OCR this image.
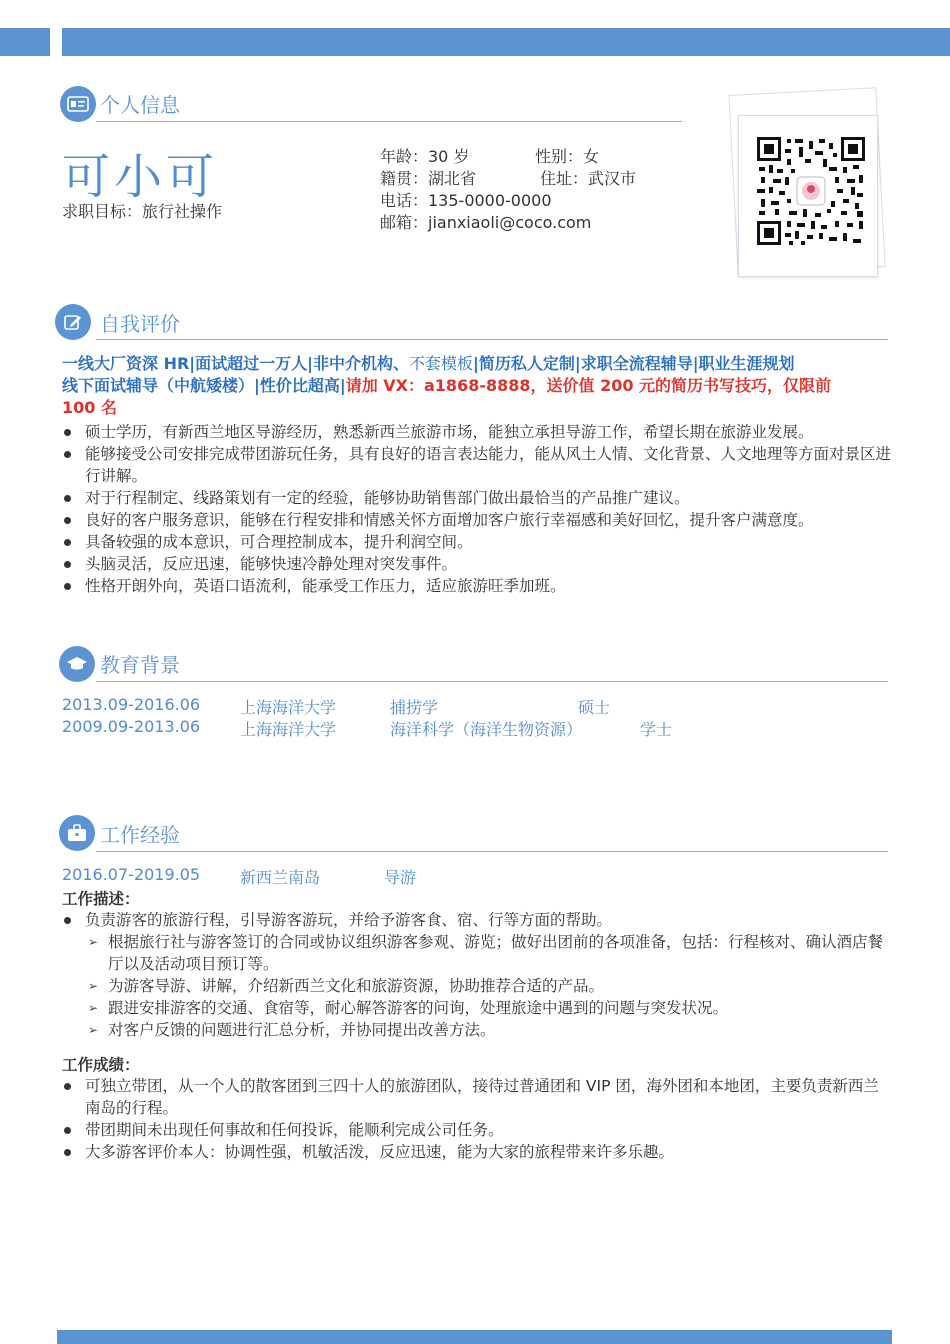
个人信息
可小可
求职目标：旅行社操作
年龄：30 岁	性别：女
籍贯：湖北省	住址：武汉市
电话：135-0000-0000
邮箱：jianxiaoli@coco.com
自我评价
一线大厂资深 HR|面试超过一万人|非中介机构、不套模板|简历私人定制|求职全流程辅导|职业生涯规划
线下面试辅导（中航矮楼）|性价比超高|请加 VX：a1868-8888，送价值 200 元的简历书写技巧，仅限前
100 名
硕士学历，有新西兰地区导游经历，熟悉新西兰旅游市场，能独立承担导游工作，希望长期在旅游业发展。
能够接受公司安排完成带团游玩任务，具有良好的语言表达能力，能从风土人情、文化背景、人文地理等方面对景区进行讲解。
对于行程制定、线路策划有一定的经验，能够协助销售部门做出最恰当的产品推广建议。
良好的客户服务意识，能够在行程安排和情感关怀方面增加客户旅行幸福感和美好回忆，提升客户满意度。
具备较强的成本意识，可合理控制成本，提升利润空间。
头脑灵活，反应迅速，能够快速冷静处理对突发事件。
性格开朗外向，英语口语流利，能承受工作压力，适应旅游旺季加班。
教育背景
2013.09-2016.06 上海海洋大学	捕捞学	硕士
2009.09-2013.06 上海海洋大学	海洋科学（海洋生物资源）	学士
工作经验
2016.07-2019.05 新西兰南岛	导游
工作描述：
负责游客的旅游行程，引导游客游玩，并给予游客食、宿、行等方面的帮助。
➢ 根据旅行社与游客签订的合同或协议组织游客参观、游览；做好出团前的各项准备，包括：行程核对、确认酒店餐厅以及活动项目预订等。
➢ 为游客导游、讲解，介绍新西兰文化和旅游资源，协助推荐合适的产品。
➢ 跟进安排游客的交通、食宿等，耐心解答游客的问询，处理旅途中遇到的问题与突发状况。
➢ 对客户反馈的问题进行汇总分析，并协同提出改善方法。
工作成绩：
可独立带团，从一个人的散客团到三四十人的旅游团队，接待过普通团和 VIP 团，海外团和本地团，主要负责新西兰南岛的行程。
带团期间未出现任何事故和任何投诉，能顺利完成公司任务。
大多游客评价本人：协调性强，机敏活泼，反应迅速，能为大家的旅程带来许多乐趣。
